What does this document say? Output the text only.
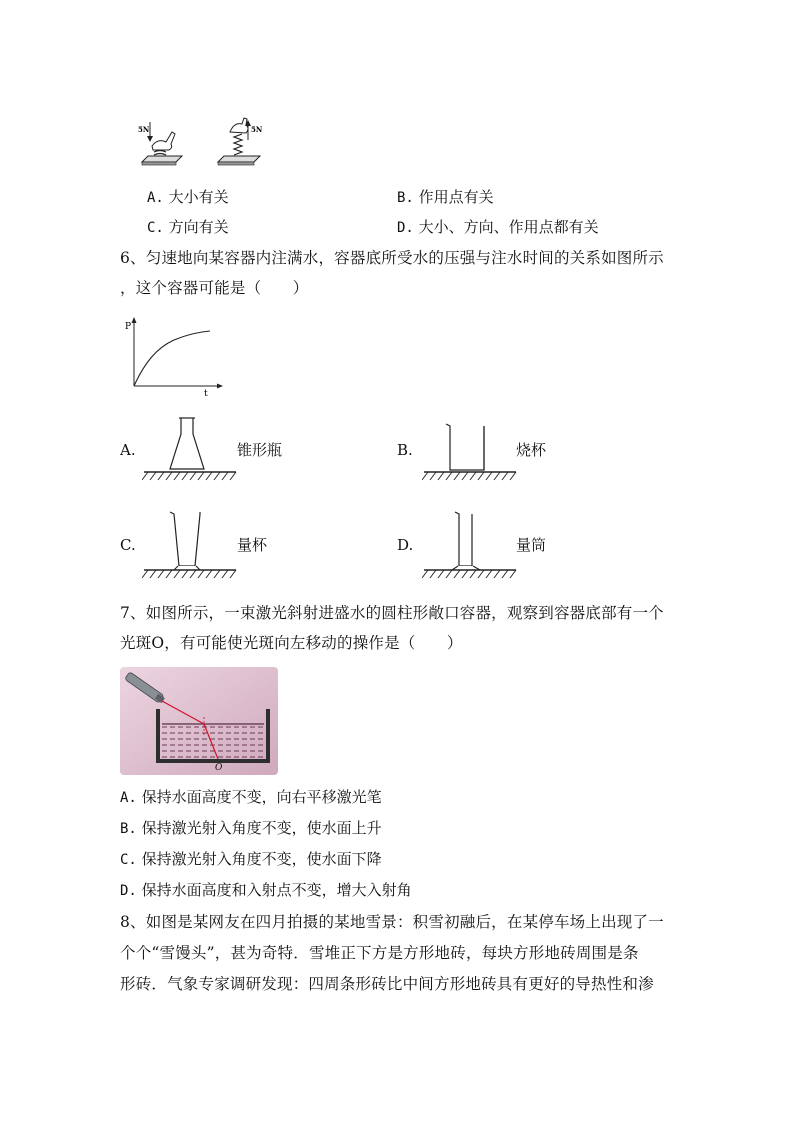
5N	5N
A. 大小有关	B. 作用点有关
C. 方向有关	D. 大小、方向、作用点都有关
6、匀速地向某容器内注满水，容器底所受水的压强与注水时间的关系如图所示
，这个容器可能是（　　）
P
t
A.	锥形瓶	B.	烧杯
C.	量杯	D.	量筒
7、如图所示，一束激光斜射进盛水的圆柱形敞口容器，观察到容器底部有一个
光斑O，有可能使光斑向左移动的操作是（　　）
O
A. 保持水面高度不变，向右平移激光笔
B. 保持激光射入角度不变，使水面上升
C. 保持激光射入角度不变，使水面下降
D. 保持水面高度和入射点不变，增大入射角
8、如图是某网友在四月拍摄的某地雪景：积雪初融后，在某停车场上出现了一
个个“雪馒头”，甚为奇特．雪堆正下方是方形地砖，每块方形地砖周围是条
形砖．气象专家调研发现：四周条形砖比中间方形地砖具有更好的导热性和渗
